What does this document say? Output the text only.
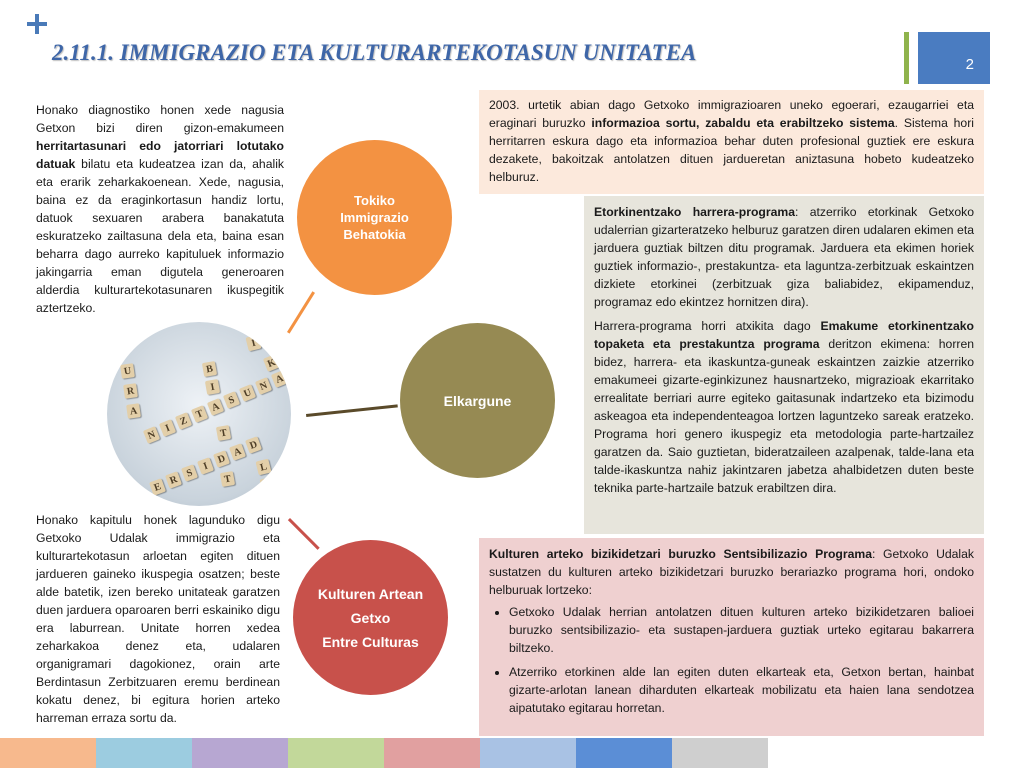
2.11.1. IMMIGRAZIO ETA KULTURARTEKOTASUN UNITATEA	2

Honako diagnostiko honen xede nagusia Getxon bizi diren gizon-emakumeen herritartasunari edo jatorriari lotutako datuak bilatu eta kudeatzea izan da, ahalik eta erarik zeharkakoenean. Xede, nagusia, baina ez da eraginkortasun handiz lortu, datuok sexuaren arabera banakatuta eskuratzeko zailtasuna dela eta, baina esan beharra dago aurreko kapituluek informazio jakingarria eman digutela generoaren alderdia kulturartekotasunaren ikuspegitik aztertzeko.

Honako kapitulu honek lagunduko digu Getxoko Udalak immigrazio eta kulturartekotasun arloetan egiten dituen jardueren gaineko ikuspegia osatzen; beste alde batetik, izen bereko unitateak garatzen duen jarduera oparoaren berri eskainiko digu era laburrean. Unitate horren xedea zeharkakoa denez eta, udalaren organigramari dagokionez, orain arte Berdintasun Zerbitzuaren eremu berdinean kokatu denez, bi egitura horien arteko harreman erraza sortu da.

Tokiko
Immigrazio
Behatokia
Elkargune
Kulturen Artean
Getxo
Entre Culturas
U
R
A
N
I
Z
T
A
S
U
N
A
K
E
R
S
I
D
A
D
B
I
T
T
L
A
I

2003. urtetik abian dago Getxoko immigrazioaren uneko egoerari, ezaugarriei eta eraginari buruzko informazioa sortu, zabaldu eta erabiltzeko sistema. Sistema hori herritarren eskura dago eta informazioa behar duten profesional guztiek ere eskura dezakete, bakoitzak antolatzen dituen jardueretan aniztasuna hobeto kudeatzeko helburuz.

Etorkinentzako harrera-programa: atzerriko etorkinak Getxoko udalerrian gizarteratzeko helburuz garatzen diren udalaren ekimen eta jarduera guztiak biltzen ditu programak. Jarduera eta ekimen horiek guztiek informazio-, prestakuntza- eta laguntza-zerbitzuak eskaintzen dizkiete etorkinei (zerbitzuak giza baliabidez, ekipamenduz, programaz edo ekintzez hornitzen dira).

Harrera-programa horri atxikita dago Emakume etorkinentzako topaketa eta prestakuntza programa deritzon ekimena: horren bidez, harrera- eta ikaskuntza-guneak eskaintzen zaizkie atzerriko emakumeei gizarte-eginkizunez hausnartzeko, migrazioak ekarritako errealitate berriari aurre egiteko gaitasunak indartzeko eta bizimodu askeagoa eta independenteagoa lortzen laguntzeko sareak eratzeko. Programa hori genero ikuspegiz eta metodologia parte-hartzailez garatzen da. Saio guztietan, bideratzaileen azalpenak, talde-lana eta talde-ikaskuntza nahiz jakintzaren jabetza ahalbidetzen duten beste teknika parte-hartzaile batzuk erabiltzen dira.

Kulturen arteko bizikidetzari buruzko Sentsibilizazio Programa: Getxoko Udalak sustatzen du kulturen arteko bizikidetzari buruzko berariazko programa hori, ondoko helburuak lortzeko:

• Getxoko Udalak herrian antolatzen dituen kulturen arteko bizikidetzaren balioei buruzko sentsibilizazio- eta sustapen-jarduera guztiak urteko egitarau bakarrera biltzeko.
• Atzerriko etorkinen alde lan egiten duten elkarteak eta, Getxon bertan, hainbat gizarte-arlotan lanean diharduten elkarteak mobilizatu eta haien lana sendotzea aipatutako egitarau horretan.
